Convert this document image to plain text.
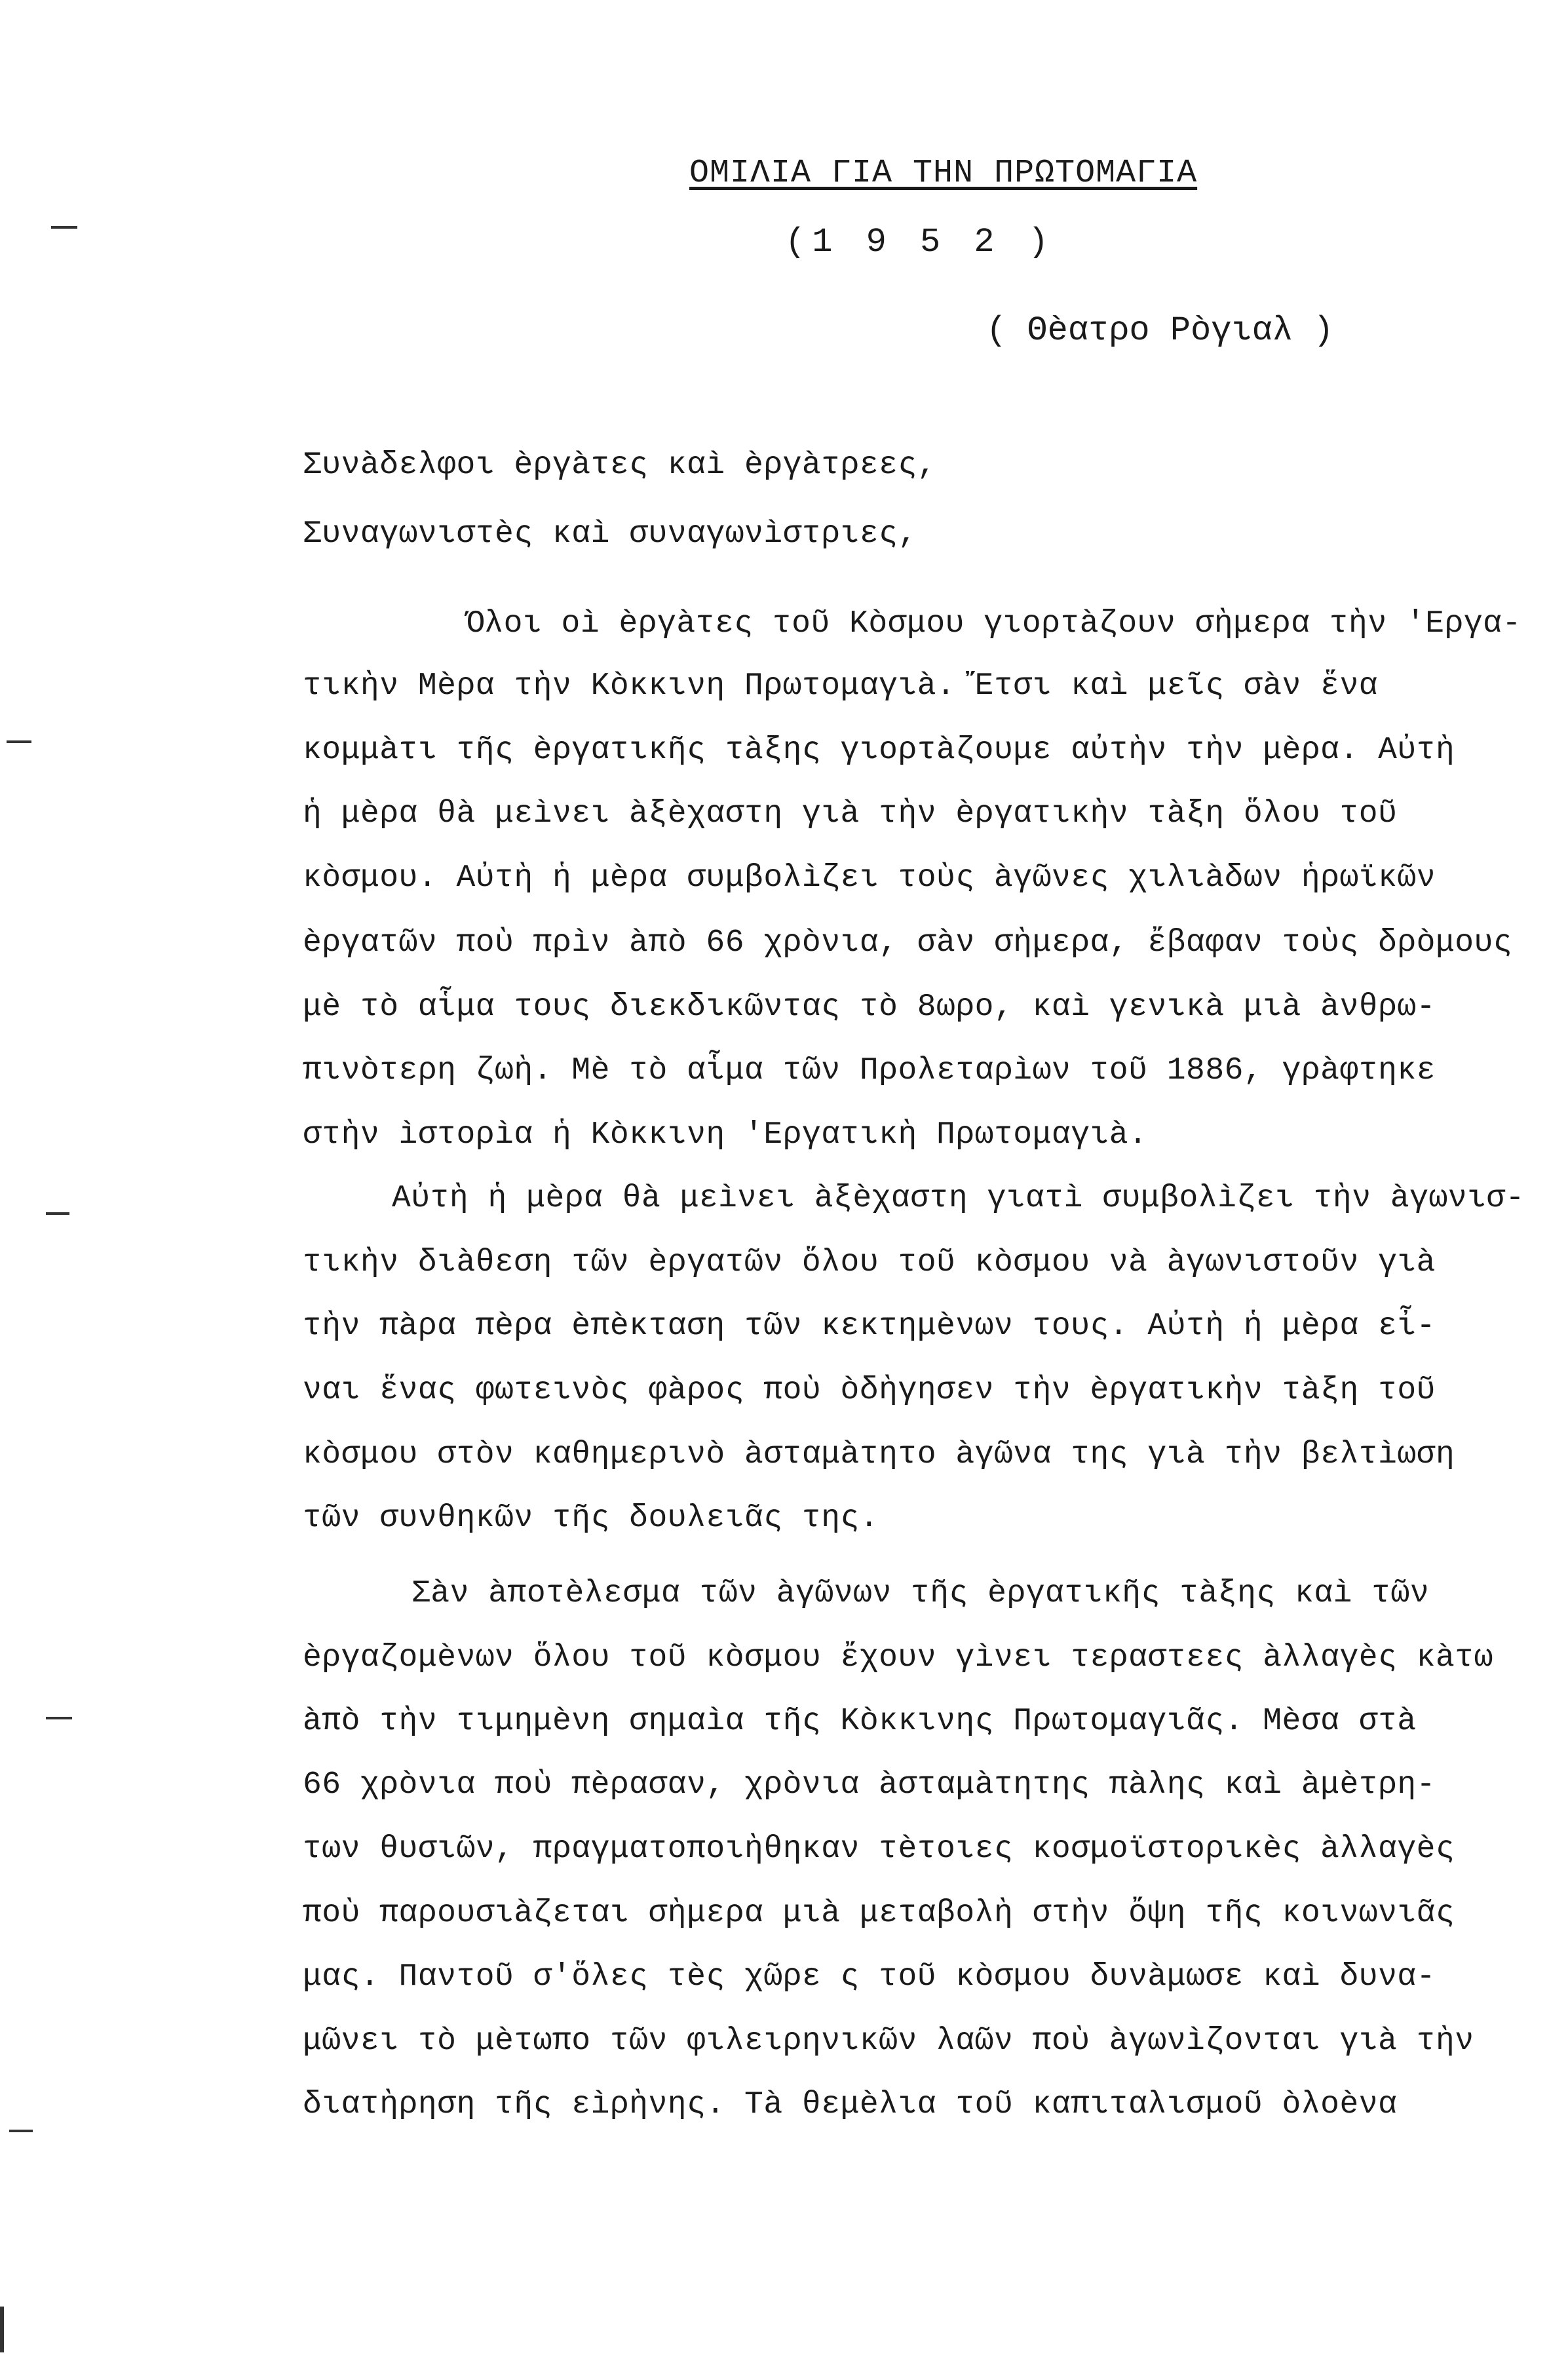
ΟΜΙΛΙΑ ΓΙΑ ΤΗΝ ΠΡΩΤΟΜΑΓΙΑ
(1 9 5 2 )
( Θèατρο Ρòγιαλ )
Συνàδελφοι èργàτες καì èργàτρεες,
Συναγωνιστèς καì συναγωνìστριες,
Όλοι οì èργàτες τοῦ Κòσμου γιορτàζουν σὴμερα τὴν 'Εργα-
τικὴν Μèρα τὴν Κòκκινη Πρωτομαγιà. Ἔτσι καì μεῖς σàν ἕνα
κομμàτι τῆς èργατικῆς τàξης γιορτàζουμε αὐτὴν τὴν μèρα. Αὐτὴ
ἡ μèρα θà μεìνει àξèχαστη γιà τὴν èργατικὴν τàξη ὅλου τοῦ
κòσμου. Αὐτὴ ἡ μèρα συμβολìζει τοὺς àγῶνες χιλιàδων ἡρωϊκῶν
èργατῶν ποὺ πρìν àπò 66 χρòνια, σàν σὴμερα, ἔβαφαν τοὺς δρòμους
μè τò αἷμα τους διεκδικῶντας τò 8ωρο, καì γενικà μιà àνθρω-
πινòτερη ζωὴ. Μè τò αἷμα τῶν Προλεταρìων τοῦ 1886, γρàφτηκε
στὴν ìστορìα ἡ Κòκκινη 'Εργατικὴ Πρωτομαγιà.
Αὐτὴ ἡ μèρα θà μεìνει àξèχαστη γιατì συμβολìζει τὴν àγωνισ-
τικὴν διàθεση τῶν èργατῶν ὅλου τοῦ κòσμου νà àγωνιστοῦν γιà
τὴν πàρα πèρα èπèκταση τῶν κεκτημèνων τους. Αὐτὴ ἡ μèρα εἶ-
ναι ἕνας φωτεινòς φàρος ποὺ òδὴγησεν τὴν èργατικὴν τàξη τοῦ
κòσμου στòν καθημερινò àσταμàτητο àγῶνα της γιà τὴν βελτìωση
τῶν συνθηκῶν τῆς δουλειᾶς της.
Σàν àποτèλεσμα τῶν àγῶνων τῆς èργατικῆς τàξης καì τῶν
èργαζομèνων ὅλου τοῦ κòσμου ἔχουν γìνει τεραστεες àλλαγèς κàτω
àπò τὴν τιμημèνη σημαìα τῆς Κòκκινης Πρωτομαγιᾶς. Μèσα στà
66 χρòνια ποὺ πèρασαν, χρòνια àσταμàτητης πàλης καì àμèτρη-
των θυσιῶν, πραγματοποιὴθηκαν τèτοιες κοσμοϊστορικèς àλλαγèς
ποὺ παρουσιàζεται σὴμερα μιà μεταβολὴ στὴν ὄψη τῆς κοινωνιᾶς
μας. Παντοῦ σ'ὅλες τèς χῶρε ς τοῦ κòσμου δυνàμωσε καì δυνα-
μῶνει τò μèτωπο τῶν φιλειρηνικῶν λαῶν ποὺ àγωνìζονται γιà τὴν
διατὴρηση τῆς εìρὴνης. Τà θεμèλια τοῦ καπιταλισμοῦ òλοèνα
